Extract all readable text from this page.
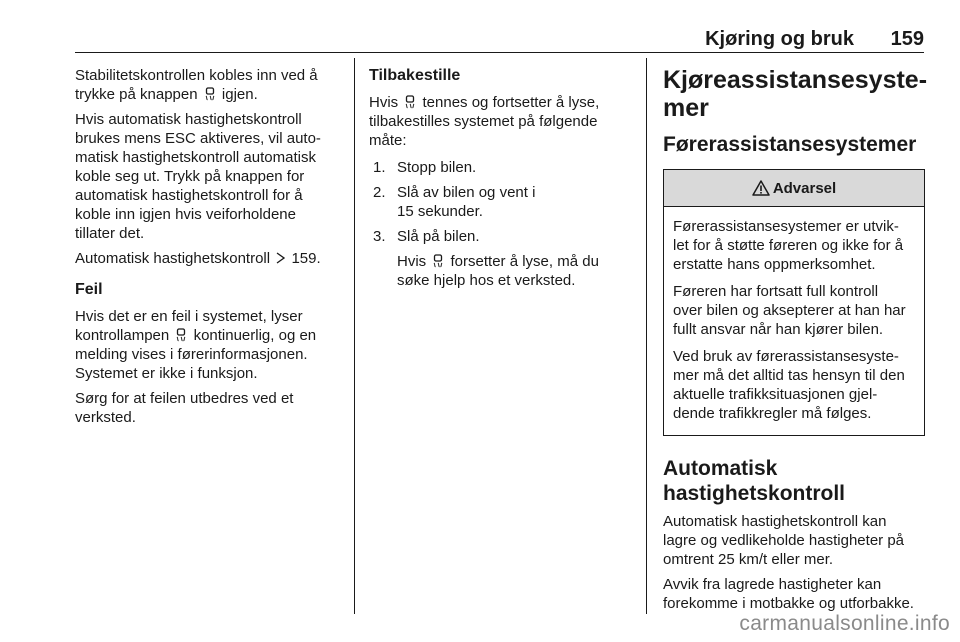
Kjøring og bruk 159

Stabilitetskontrollen kobles inn ved å
trykke på knappen igjen.

Hvis automatisk hastighetskontroll
brukes mens ESC aktiveres, vil auto-
matisk hastighetskontroll automatisk
koble seg ut. Trykk på knappen for
automatisk hastighetskontroll for å
koble inn igjen hvis veiforholdene
tillater det.

Automatisk hastighetskontroll 159.

Feil

Hvis det er en feil i systemet, lyser
kontrollampen kontinuerlig, og en
melding vises i førerinformasjonen.
Systemet er ikke i funksjon.

Sørg for at feilen utbedres ved et
verksted.

Tilbakestille

Hvis tennes og fortsetter å lyse,
tilbakestilles systemet på følgende
måte:

1. Stopp bilen.
2. Slå av bilen og vent i
15 sekunder.
3. Slå på bilen.
Hvis forsetter å lyse, må du
søke hjelp hos et verksted.
Kjøreassistansesyste-
mer
Førerassistansesystemer
Advarsel

Førerassistansesystemer er utvik-
let for å støtte føreren og ikke for å
erstatte hans oppmerksomhet.

Føreren har fortsatt full kontroll
over bilen og aksepterer at han har
fullt ansvar når han kjører bilen.

Ved bruk av førerassistansesyste-
mer må det alltid tas hensyn til den
aktuelle trafikksituasjonen gjel-
dende trafikkregler må følges.

Automatisk
hastighetskontroll

Automatisk hastighetskontroll kan
lagre og vedlikeholde hastigheter på
omtrent 25 km/t eller mer.

Avvik fra lagrede hastigheter kan
forekomme i motbakke og utforbakke.

carmanualsonline.info
